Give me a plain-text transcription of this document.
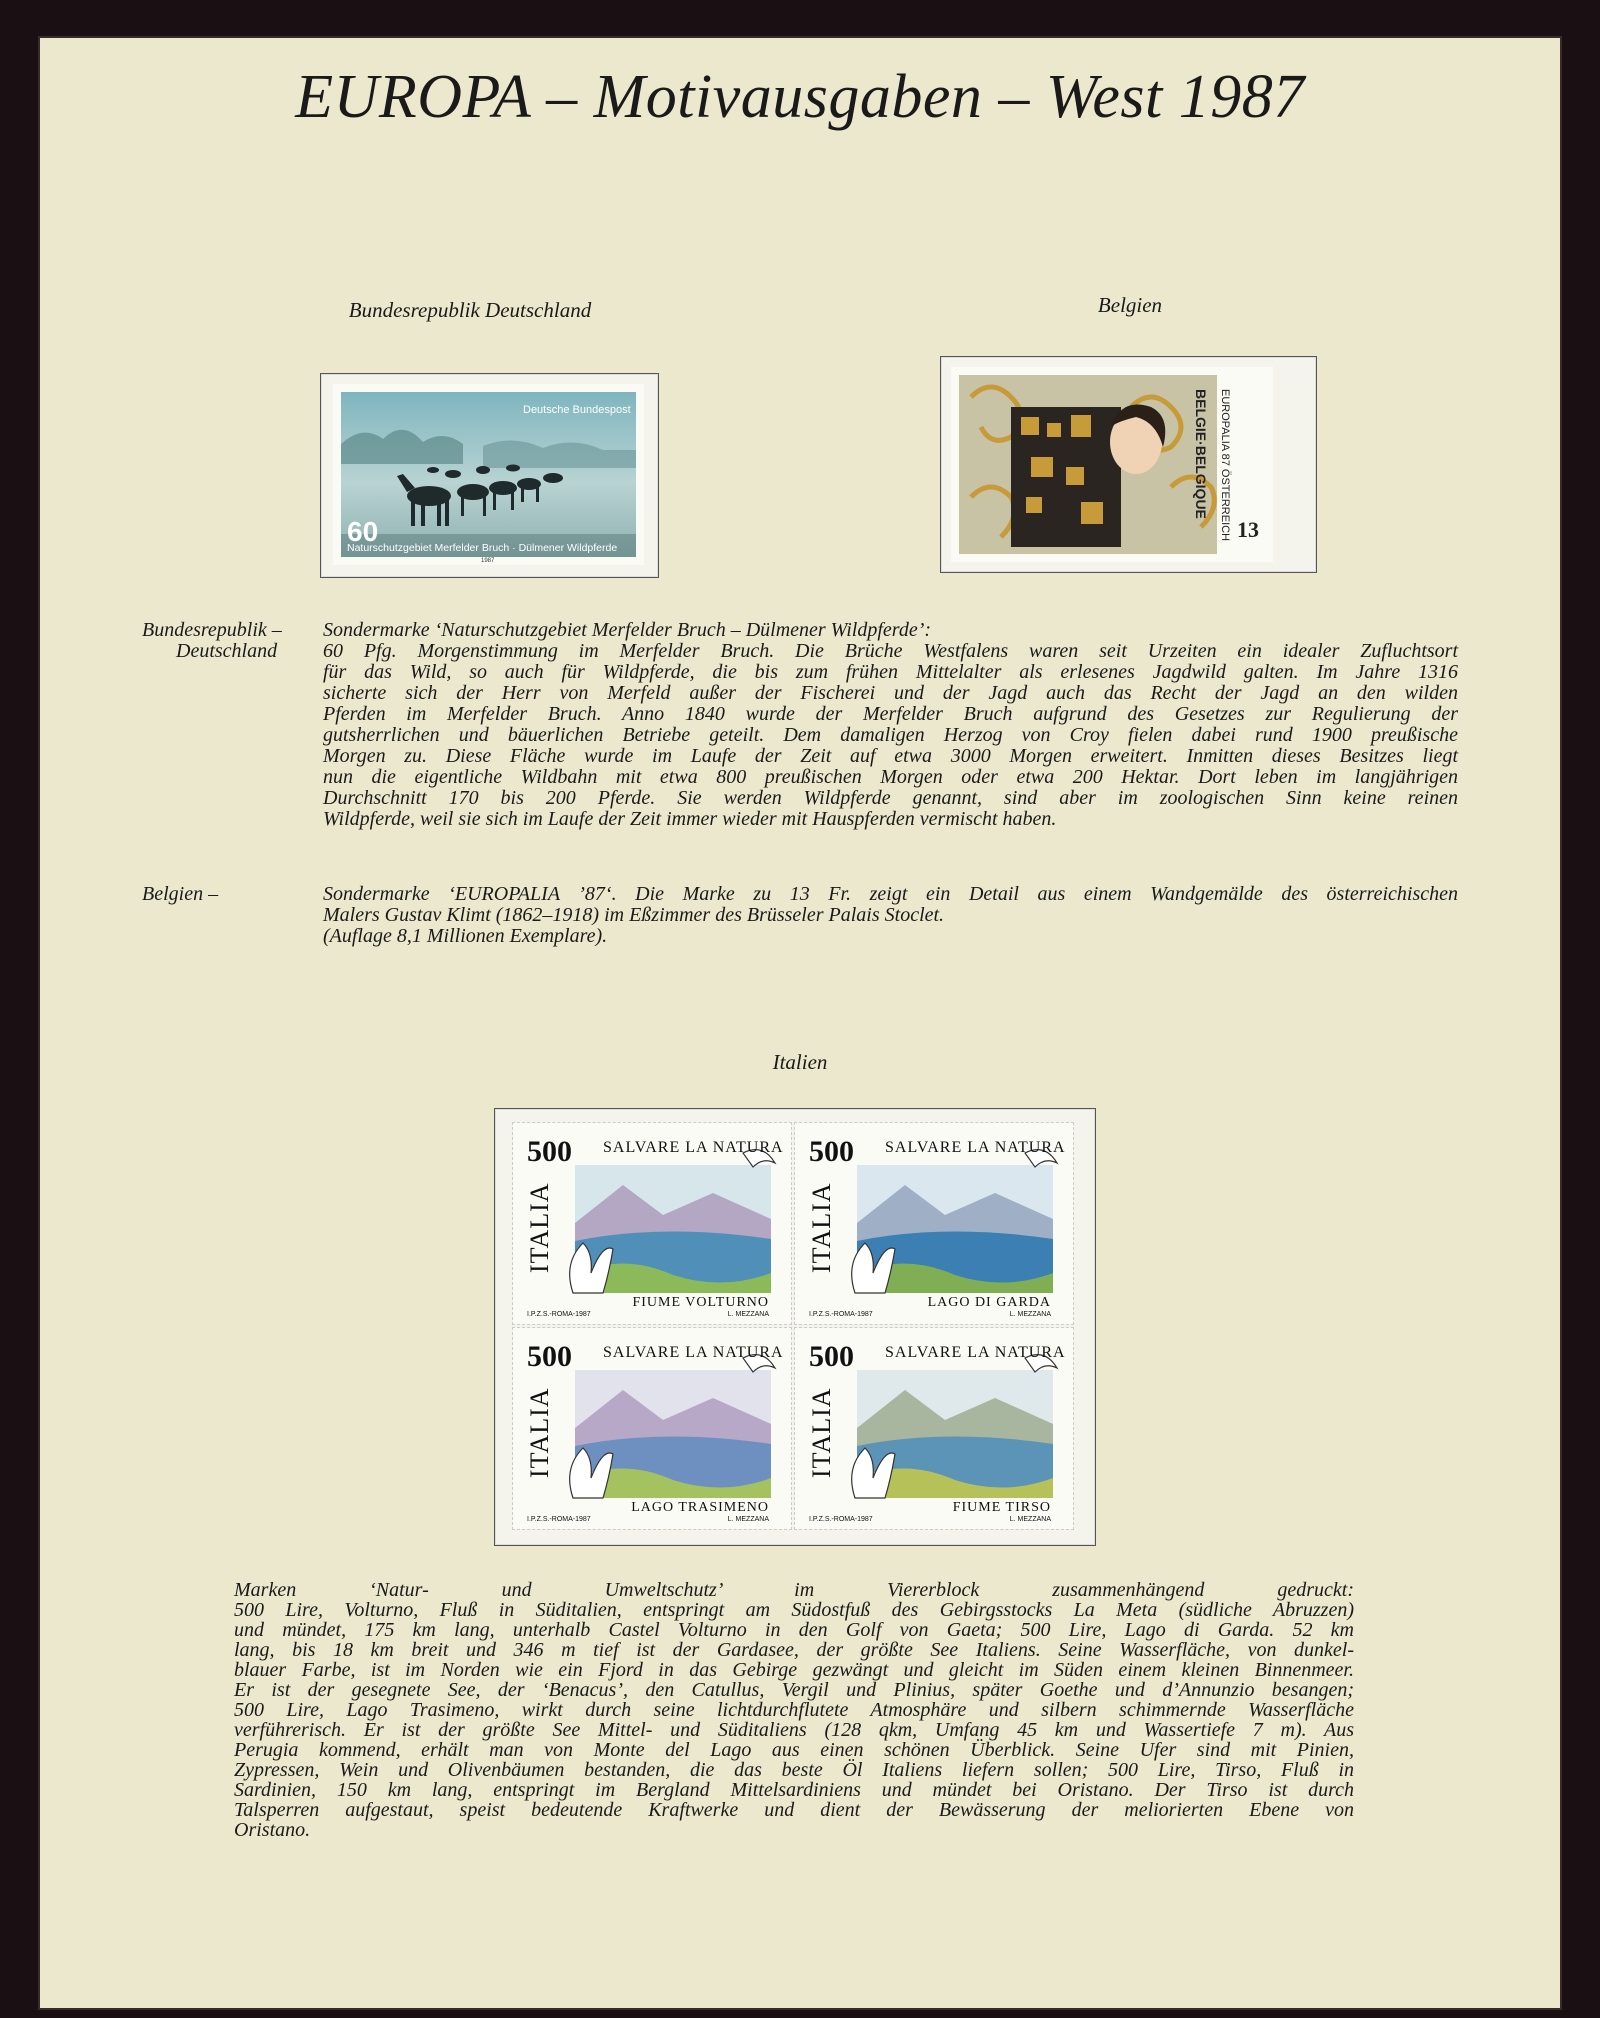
EUROPA – Motivausgaben – West 1987
Bundesrepublik Deutschland	Belgien
Italien
Deutsche Bundespost
60
Naturschutzgebiet Merfelder Bruch · Dülmener Wildpferde
1987
BELGIE·BELGIQUE EUROPALIA 87 ÖSTERREICH 13
Bundesrepublik –
Deutschland
Sondermarke ‘Naturschutzgebiet Merfelder Bruch – Dülmener Wildpferde’:
60 Pfg. Morgenstimmung im Merfelder Bruch. Die Brüche Westfalens waren seit Urzeiten ein idealer Zufluchtsort
für das Wild, so auch für Wildpferde, die bis zum frühen Mittelalter als erlesenes Jagdwild galten. Im Jahre 1316
sicherte sich der Herr von Merfeld außer der Fischerei und der Jagd auch das Recht der Jagd an den wilden
Pferden im Merfelder Bruch. Anno 1840 wurde der Merfelder Bruch aufgrund des Gesetzes zur Regulierung der
gutsherrlichen und bäuerlichen Betriebe geteilt. Dem damaligen Herzog von Croy fielen dabei rund 1900 preußische
Morgen zu. Diese Fläche wurde im Laufe der Zeit auf etwa 3000 Morgen erweitert. Inmitten dieses Besitzes liegt
nun die eigentliche Wildbahn mit etwa 800 preußischen Morgen oder etwa 200 Hektar. Dort leben im langjährigen
Durchschnitt 170 bis 200 Pferde. Sie werden Wildpferde genannt, sind aber im zoologischen Sinn keine reinen
Wildpferde, weil sie sich im Laufe der Zeit immer wieder mit Hauspferden vermischt haben.
Belgien –	Sondermarke ‘EUROPALIA ’87‘. Die Marke zu 13 Fr. zeigt ein Detail aus einem Wandgemälde des österreichischen
Malers Gustav Klimt (1862–1918) im Eßzimmer des Brüsseler Palais Stoclet.
(Auflage 8,1 Millionen Exemplare).
500 SALVARE LA NATURA
ITALIA
FIUME VOLTURNO
I.P.Z.S.-ROMA-1987	L. MEZZANA
500 SALVARE LA NATURA
ITALIA
LAGO DI GARDA
I.P.Z.S.-ROMA-1987	L. MEZZANA
500 SALVARE LA NATURA
ITALIA
LAGO TRASIMENO
I.P.Z.S.-ROMA-1987	L. MEZZANA
500 SALVARE LA NATURA
ITALIA
FIUME TIRSO
I.P.Z.S.-ROMA-1987	L. MEZZANA
Marken ‘Natur- und Umweltschutz’ im Viererblock zusammenhängend gedruckt:
500 Lire, Volturno, Fluß in Süditalien, entspringt am Südostfuß des Gebirgsstocks La Meta (südliche Abruzzen)
und mündet, 175 km lang, unterhalb Castel Volturno in den Golf von Gaeta; 500 Lire, Lago di Garda. 52 km
lang, bis 18 km breit und 346 m tief ist der Gardasee, der größte See Italiens. Seine Wasserfläche, von dunkel-
blauer Farbe, ist im Norden wie ein Fjord in das Gebirge gezwängt und gleicht im Süden einem kleinen Binnenmeer.
Er ist der gesegnete See, der ‘Benacus’, den Catullus, Vergil und Plinius, später Goethe und d’Annunzio besangen;
500 Lire, Lago Trasimeno, wirkt durch seine lichtdurchflutete Atmosphäre und silbern schimmernde Wasserfläche
verführerisch. Er ist der größte See Mittel- und Süditaliens (128 qkm, Umfang 45 km und Wassertiefe 7 m). Aus
Perugia kommend, erhält man von Monte del Lago aus einen schönen Überblick. Seine Ufer sind mit Pinien,
Zypressen, Wein und Olivenbäumen bestanden, die das beste Öl Italiens liefern sollen; 500 Lire, Tirso, Fluß in
Sardinien, 150 km lang, entspringt im Bergland Mittelsardiniens und mündet bei Oristano. Der Tirso ist durch
Talsperren aufgestaut, speist bedeutende Kraftwerke und dient der Bewässerung der meliorierten Ebene von
Oristano.
